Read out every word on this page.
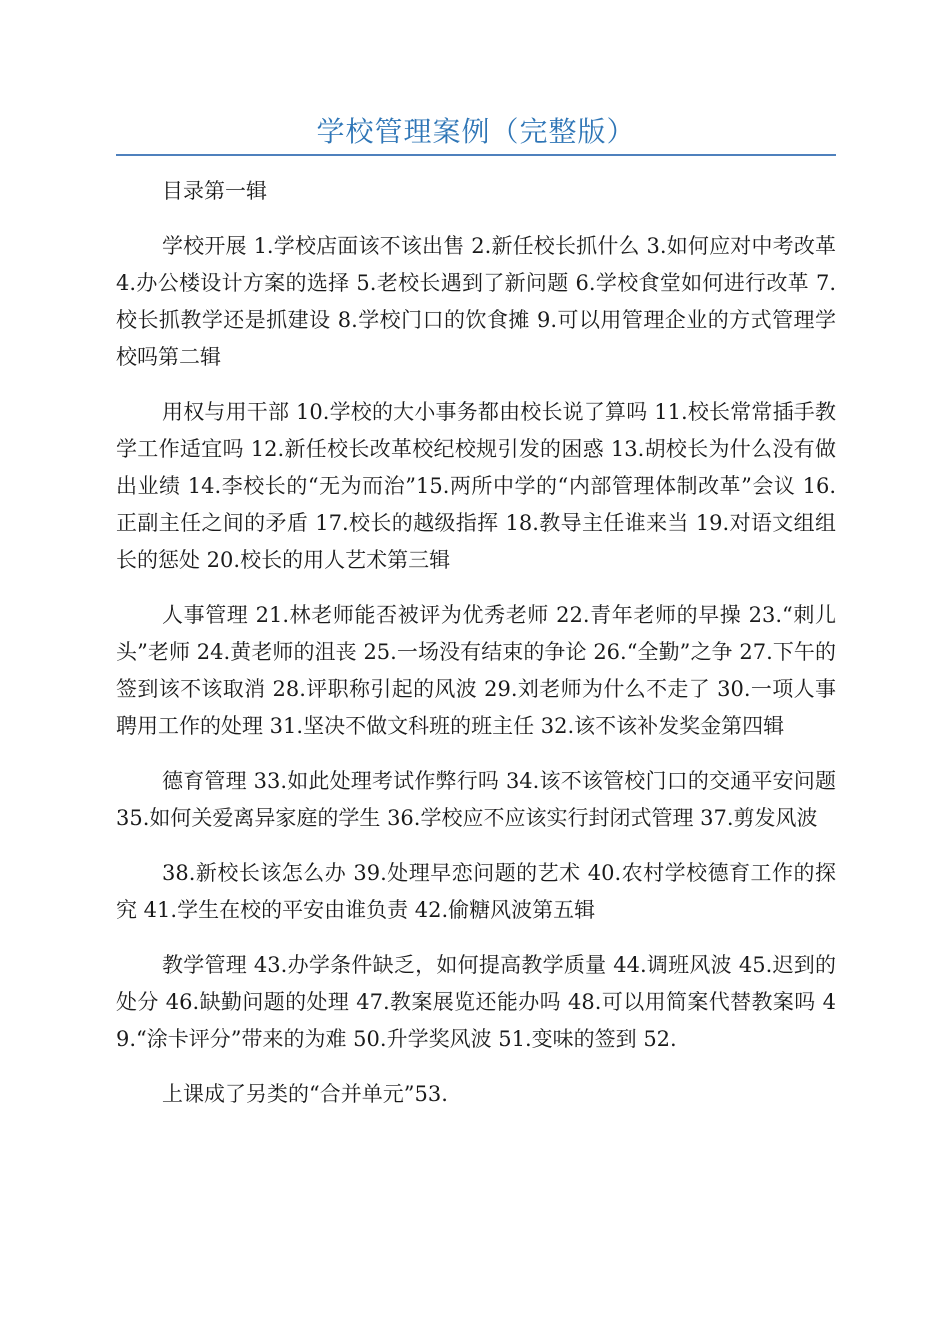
学校管理案例（完整版）

目录第一辑

学校开展 1.学校店面该不该出售 2.新任校长抓什么 3.如何应对中考改革 4.办公楼设计方案的选择 5.老校长遇到了新问题 6.学校食堂如何进行改革 7.校长抓教学还是抓建设 8.学校门口的饮食摊 9.可以用管理企业的方式管理学校吗第二辑

用权与用干部 10.学校的大小事务都由校长说了算吗 11.校长常常插手教学工作适宜吗 12.新任校长改革校纪校规引发的困惑 13.胡校长为什么没有做出业绩 14.李校长的“无为而治”15.两所中学的“内部管理体制改革”会议 16.正副主任之间的矛盾 17.校长的越级指挥 18.教导主任谁来当 19.对语文组组长的惩处 20.校长的用人艺术第三辑

人事管理 21.林老师能否被评为优秀老师 22.青年老师的早操 23.“刺儿头”老师 24.黄老师的沮丧 25.一场没有结束的争论 26.“全勤”之争 27.下午的签到该不该取消 28.评职称引起的风波 29.刘老师为什么不走了 30.一项人事聘用工作的处理 31.坚决不做文科班的班主任 32.该不该补发奖金第四辑

德育管理 33.如此处理考试作弊行吗 34.该不该管校门口的交通平安问题 35.如何关爱离异家庭的学生 36.学校应不应该实行封闭式管理 37.剪发风波

38.新校长该怎么办 39.处理早恋问题的艺术 40.农村学校德育工作的探究 41.学生在校的平安由谁负责 42.偷糖风波第五辑

教学管理 43.办学条件缺乏，如何提高教学质量 44.调班风波 45.迟到的处分 46.缺勤问题的处理 47.教案展览还能办吗 48.可以用简案代替教案吗 49.“涂卡评分”带来的为难 50.升学奖风波 51.变味的签到 52.

上课成了另类的“合并单元”53.
